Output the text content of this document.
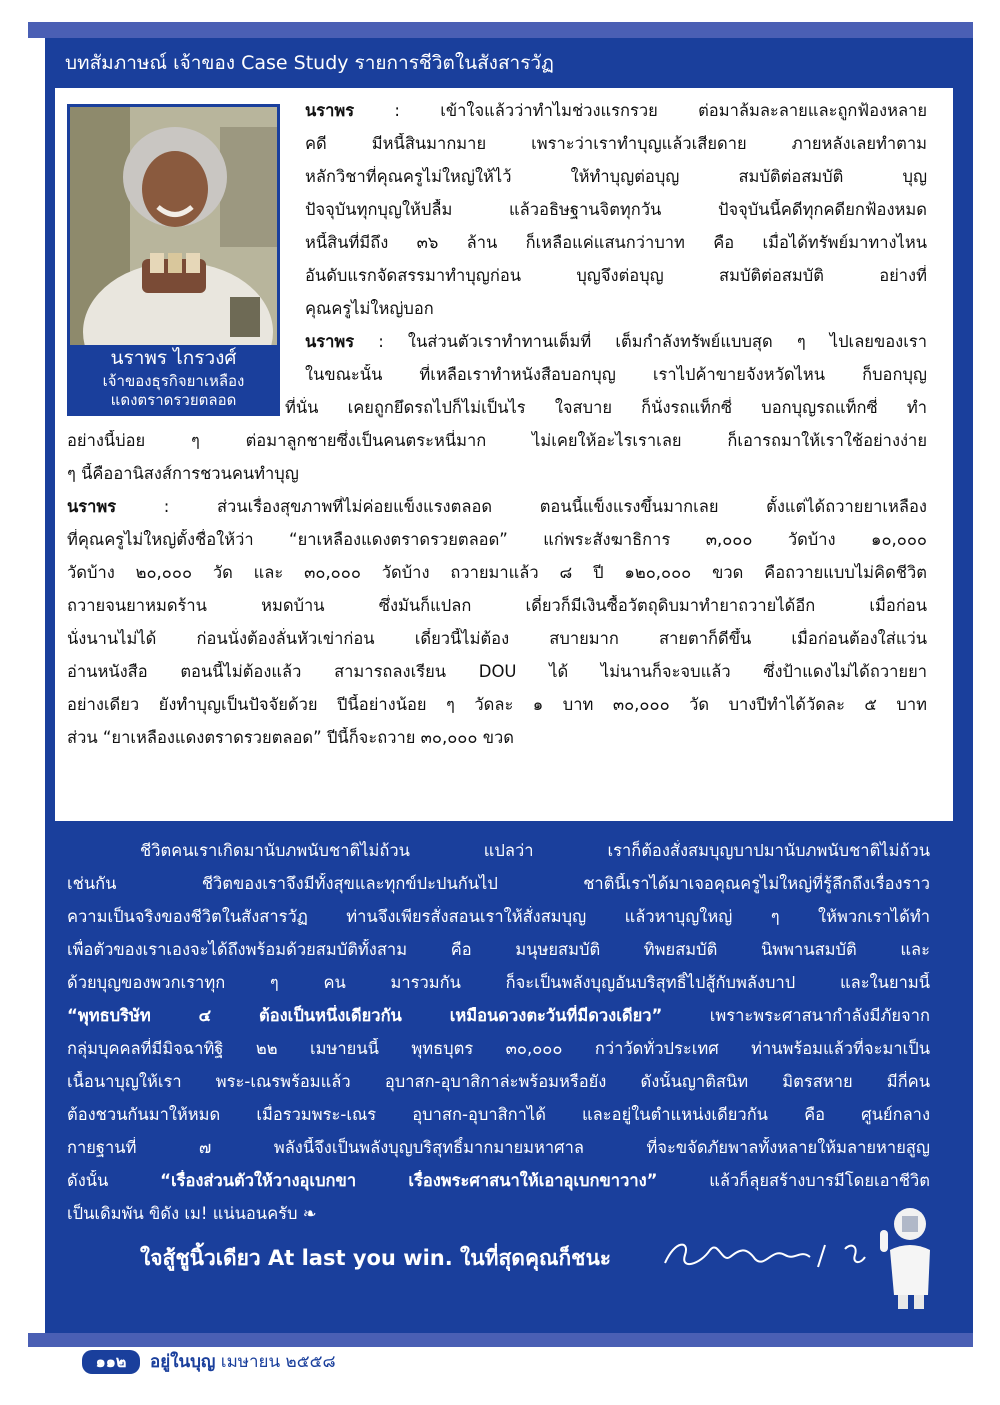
บทสัมภาษณ์ เจ้าของ Case Study รายการชีวิตในสังสารวัฏ
นราพร ไกรวงศ์
เจ้าของธุรกิจยาเหลือง
แดงตราดรวยตลอด
นราพร : เข้าใจแล้วว่าทำไมช่วงแรกรวย ต่อมาล้มละลายและถูกฟ้องหลาย
คดี มีหนี้สินมากมาย เพราะว่าเราทำบุญแล้วเสียดาย ภายหลังเลยทำตาม
หลักวิชาที่คุณครูไม่ใหญ่ให้ไว้ ให้ทำบุญต่อบุญ สมบัติต่อสมบัติ บุญ
ปัจจุบันทุกบุญให้ปลื้ม แล้วอธิษฐานจิตทุกวัน ปัจจุบันนี้คดีทุกคดียกฟ้องหมด
หนี้สินที่มีถึง ๓๖ ล้าน ก็เหลือแค่แสนกว่าบาท คือ เมื่อได้ทรัพย์มาทางไหน
อันดับแรกจัดสรรมาทำบุญก่อน บุญจึงต่อบุญ สมบัติต่อสมบัติ อย่างที่
คุณครูไม่ใหญ่บอก
นราพร : ในส่วนตัวเราทำทานเต็มที่ เต็มกำลังทรัพย์แบบสุด ๆ ไปเลยของเรา
ในขณะนั้น ที่เหลือเราทำหนังสือบอกบุญ เราไปค้าขายจังหวัดไหน ก็บอกบุญ
ที่นั่น เคยถูกยึดรถไปก็ไม่เป็นไร ใจสบาย ก็นั่งรถแท็กซี่ บอกบุญรถแท็กซี่ ทำ
อย่างนี้บ่อย ๆ ต่อมาลูกชายซึ่งเป็นคนตระหนี่มาก ไม่เคยให้อะไรเราเลย ก็เอารถมาให้เราใช้อย่างง่าย
ๆ นี้คืออานิสงส์การชวนคนทำบุญ
นราพร : ส่วนเรื่องสุขภาพที่ไม่ค่อยแข็งแรงตลอด ตอนนี้แข็งแรงขึ้นมากเลย ตั้งแต่ได้ถวายยาเหลือง
ที่คุณครูไม่ใหญ่ตั้งชื่อให้ว่า “ยาเหลืองแดงตราดรวยตลอด” แก่พระสังฆาธิการ ๓,๐๐๐ วัดบ้าง ๑๐,๐๐๐
วัดบ้าง ๒๐,๐๐๐ วัด และ ๓๐,๐๐๐ วัดบ้าง ถวายมาแล้ว ๘ ปี ๑๒๐,๐๐๐ ขวด คือถวายแบบไม่คิดชีวิต
ถวายจนยาหมดร้าน หมดบ้าน ซึ่งมันก็แปลก เดี๋ยวก็มีเงินซื้อวัตถุดิบมาทำยาถวายได้อีก เมื่อก่อน
นั่งนานไม่ได้ ก่อนนั่งต้องลั่นหัวเข่าก่อน เดี๋ยวนี้ไม่ต้อง สบายมาก สายตาก็ดีขึ้น เมื่อก่อนต้องใส่แว่น
อ่านหนังสือ ตอนนี้ไม่ต้องแล้ว สามารถลงเรียน DOU ได้ ไม่นานก็จะจบแล้ว ซึ่งป้าแดงไม่ได้ถวายยา
อย่างเดียว ยังทำบุญเป็นปัจจัยด้วย ปีนี้อย่างน้อย ๆ วัดละ ๑ บาท ๓๐,๐๐๐ วัด บางปีทำได้วัดละ ๕ บาท
ส่วน “ยาเหลืองแดงตราดรวยตลอด” ปีนี้ก็จะถวาย ๓๐,๐๐๐ ขวด
ชีวิตคนเราเกิดมานับภพนับชาติไม่ถ้วน แปลว่า เราก็ต้องสั่งสมบุญบาปมานับภพนับชาติไม่ถ้วน
เช่นกัน ชีวิตของเราจึงมีทั้งสุขและทุกข์ปะปนกันไป ชาตินี้เราได้มาเจอคุณครูไม่ใหญ่ที่รู้ลึกถึงเรื่องราว
ความเป็นจริงของชีวิตในสังสารวัฏ ท่านจึงเพียรสั่งสอนเราให้สั่งสมบุญ แล้วหาบุญใหญ่ ๆ ให้พวกเราได้ทำ
เพื่อตัวของเราเองจะได้ถึงพร้อมด้วยสมบัติทั้งสาม คือ มนุษยสมบัติ ทิพยสมบัติ นิพพานสมบัติ และ
ด้วยบุญของพวกเราทุก ๆ คน มารวมกัน ก็จะเป็นพลังบุญอันบริสุทธิ์ไปสู้กับพลังบาป และในยามนี้
“พุทธบริษัท ๔ ต้องเป็นหนึ่งเดียวกัน เหมือนดวงตะวันที่มีดวงเดียว” เพราะพระศาสนากำลังมีภัยจาก
กลุ่มบุคคลที่มีมิจฉาทิฐิ ๒๒ เมษายนนี้ พุทธบุตร ๓๐,๐๐๐ กว่าวัดทั่วประเทศ ท่านพร้อมแล้วที่จะมาเป็น
เนื้อนาบุญให้เรา พระ-เณรพร้อมแล้ว อุบาสก-อุบาสิกาล่ะพร้อมหรือยัง ดังนั้นญาติสนิท มิตรสหาย มีกี่คน
ต้องชวนกันมาให้หมด เมื่อรวมพระ-เณร อุบาสก-อุบาสิกาได้ และอยู่ในตำแหน่งเดียวกัน คือ ศูนย์กลาง
กายฐานที่ ๗ พลังนี้จึงเป็นพลังบุญบริสุทธิ์มากมายมหาศาล ที่จะขจัดภัยพาลทั้งหลายให้มลายหายสูญ
ดังนั้น “เรื่องส่วนตัวให้วางอุเบกขา เรื่องพระศาสนาให้เอาอุเบกขาวาง” แล้วก็ลุยสร้างบารมีโดยเอาชีวิต
เป็นเดิมพัน ขิดัง เม! แน่นอนครับ ❧
ใจสู้ชูนิ้วเดียว At last you win. ในที่สุดคุณก็ชนะ
๑๑๒	อยู่ในบุญ เมษายน ๒๕๕๘
